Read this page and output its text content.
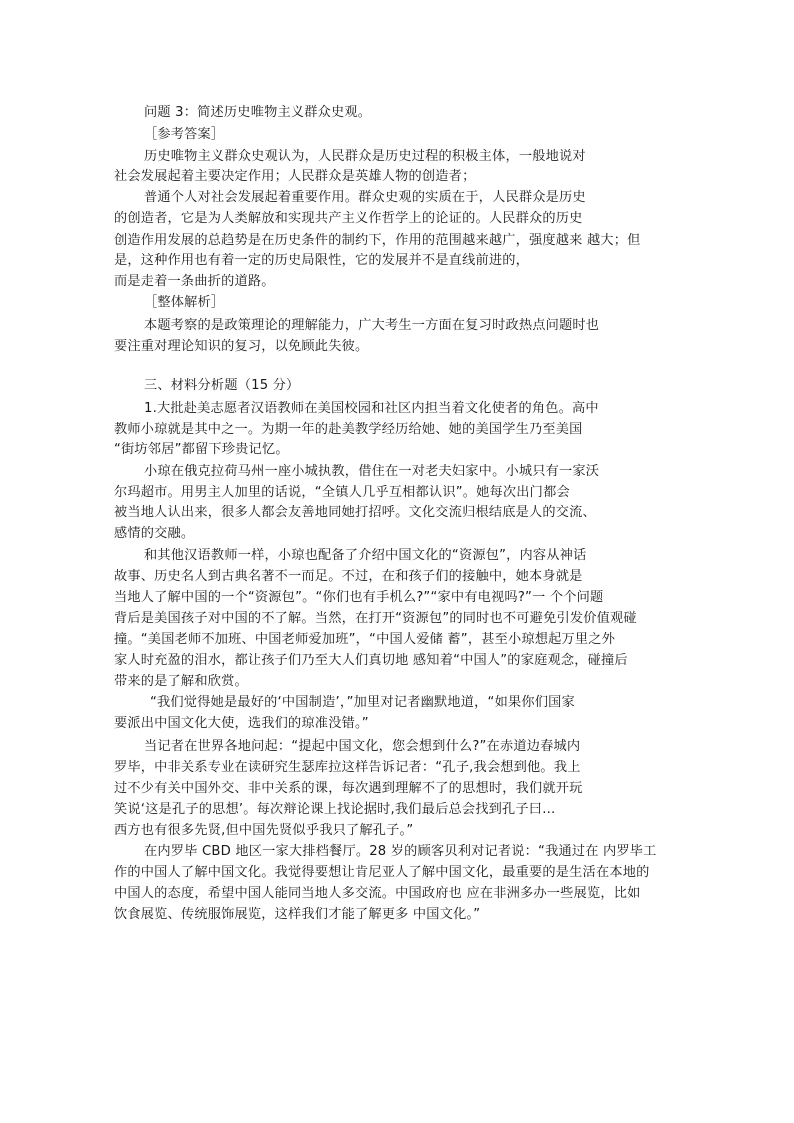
问题 3：简述历史唯物主义群众史观。
［参考答案］
历史唯物主义群众史观认为，人民群众是历史过程的积极主体，一般地说对
社会发展起着主要决定作用；人民群众是英雄人物的创造者；
普通个人对社会发展起着重要作用。群众史观的实质在于，人民群众是历史
的创造者，它是为人类解放和实现共产主义作哲学上的论证的。人民群众的历史
创造作用发展的总趋势是在历史条件的制约下，作用的范围越来越广，强度越来 越大；但
是，这种作用也有着一定的历史局限性，它的发展并不是直线前进的，
而是走着一条曲折的道路。
［整体解析］
本题考察的是政策理论的理解能力，广大考生一方面在复习时政热点问题时也
要注重对理论知识的复习，以免顾此失彼。
三、材料分析题（15 分）
1.大批赴美志愿者汉语教师在美国校园和社区内担当着文化使者的角色。高中
教师小琼就是其中之一。为期一年的赴美教学经历给她、她的美国学生乃至美国
“街坊邻居”都留下珍贵记忆。
小琼在俄克拉荷马州一座小城执教，借住在一对老夫妇家中。小城只有一家沃
尔玛超市。用男主人加里的话说，“全镇人几乎互相都认识”。她每次出门都会
被当地人认出来，很多人都会友善地同她打招呼。文化交流归根结底是人的交流、
感情的交融。
和其他汉语教师一样，小琼也配备了介绍中国文化的“资源包”，内容从神话
故事、历史名人到古典名著不一而足。不过，在和孩子们的接触中，她本身就是
当地人了解中国的一个“资源包”。“你们也有手机么?”“家中有电视吗?”一 个个问题
背后是美国孩子对中国的不了解。当然，在打开“资源包”的同时也不可避免引发价值观碰
撞。“美国老师不加班、中国老师爱加班”，“中国人爱储 蓄”，甚至小琼想起万里之外
家人时充盈的泪水，都让孩子们乃至大人们真切地 感知着“中国人”的家庭观念，碰撞后
带来的是了解和欣赏。
“我们觉得她是最好的‘中国制造’，”加里对记者幽默地道，“如果你们国家
要派出中国文化大使，选我们的琼准没错。”
当记者在世界各地问起：“提起中国文化，您会想到什么?”在赤道边春城内
罗毕，中非关系专业在读研究生瑟库拉这样告诉记者：“孔子,我会想到他。我上
过不少有关中国外交、非中关系的课，每次遇到理解不了的思想时，我们就开玩
笑说‘这是孔子的思想’。每次辩论课上找论据时,我们最后总会找到孔子曰…
西方也有很多先贤,但中国先贤似乎我只了解孔子。”
在内罗毕 CBD 地区一家大排档餐厅。28 岁的顾客贝利对记者说：“我通过在 内罗毕工
作的中国人了解中国文化。我觉得要想让肯尼亚人了解中国文化，最重要的是生活在本地的
中国人的态度，希望中国人能同当地人多交流。中国政府也 应在非洲多办一些展览，比如
饮食展览、传统服饰展览，这样我们才能了解更多 中国文化。”
